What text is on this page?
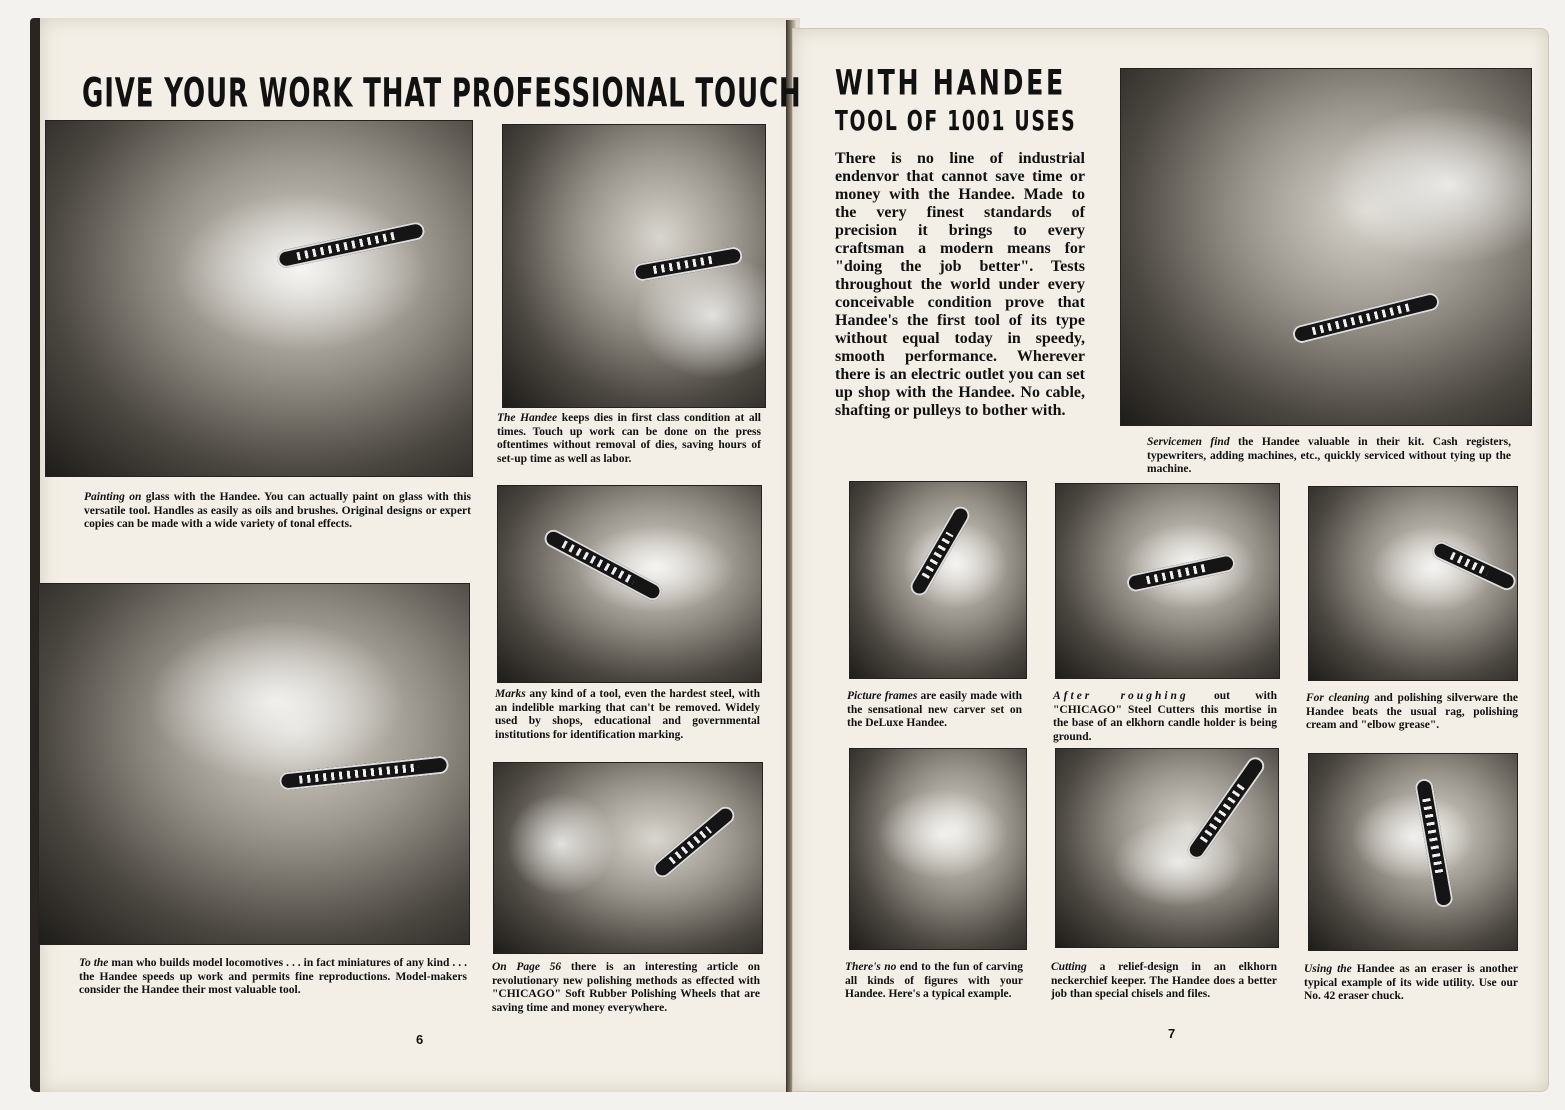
GIVE YOUR WORK THAT PROFESSIONAL TOUCH
Painting on glass with the Handee. You can actually paint on glass with this versatile tool. Handles as easily as oils and brushes. Original designs or expert copies can be made with a wide variety of tonal effects.
The Handee keeps dies in first class condition at all times. Touch up work can be done on the press oftentimes without removal of dies, saving hours of set-up time as well as labor.
Marks any kind of a tool, even the hardest steel, with an indelible marking that can't be removed. Widely used by shops, educational and governmental institutions for identification marking.
To the man who builds model locomotives . . . in fact miniatures of any kind . . . the Handee speeds up work and permits fine reproductions. Model-makers consider the Handee their most valuable tool.
On Page 56 there is an interesting article on revolutionary new polishing methods as effected with "CHICAGO" Soft Rubber Polishing Wheels that are saving time and money everywhere.
6
WITH HANDEE
TOOL OF 1001 USES
There is no line of industrial endenvor that cannot save time or money with the Handee. Made to the very finest standards of precision it brings to every craftsman a modern means for "doing the job better". Tests throughout the world under every conceivable condition prove that Handee's the first tool of its type without equal today in speedy, smooth performance. Wherever there is an electric outlet you can set up shop with the Handee. No cable, shafting or pulleys to bother with.
Servicemen find the Handee valuable in their kit. Cash registers, typewriters, adding machines, etc., quickly serviced without tying up the machine.
Picture frames are easily made with the sensational new carver set on the DeLuxe Handee.
After roughing out with "CHICAGO" Steel Cutters this mortise in the base of an elkhorn candle holder is being ground.
For cleaning and polishing silverware the Handee beats the usual rag, polishing cream and "elbow grease".
There's no end to the fun of carving all kinds of figures with your Handee. Here's a typical example.
Cutting a relief-design in an elkhorn neckerchief keeper. The Handee does a better job than special chisels and files.
Using the Handee as an eraser is another typical example of its wide utility. Use our No. 42 eraser chuck.
7
